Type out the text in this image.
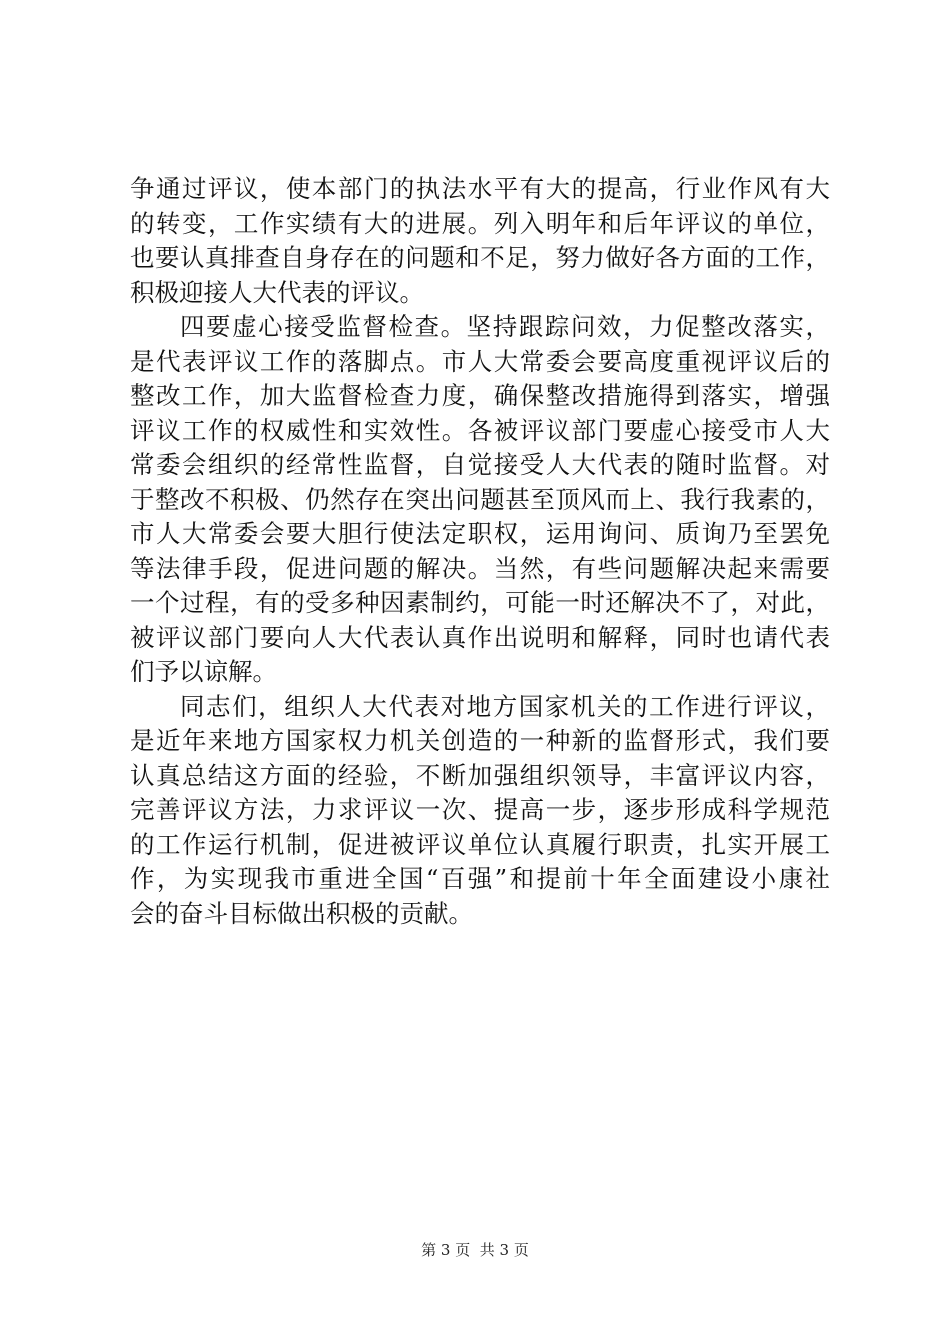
争通过评议，使本部门的执法水平有大的提高，行业作风有大
的转变，工作实绩有大的进展。列入明年和后年评议的单位，
也要认真排查自身存在的问题和不足，努力做好各方面的工作，
积极迎接人大代表的评议。
四要虚心接受监督检查。坚持跟踪问效，力促整改落实，
是代表评议工作的落脚点。市人大常委会要高度重视评议后的
整改工作，加大监督检查力度，确保整改措施得到落实，增强
评议工作的权威性和实效性。各被评议部门要虚心接受市人大
常委会组织的经常性监督，自觉接受人大代表的随时监督。对
于整改不积极、仍然存在突出问题甚至顶风而上、我行我素的，
市人大常委会要大胆行使法定职权，运用询问、质询乃至罢免
等法律手段，促进问题的解决。当然，有些问题解决起来需要
一个过程，有的受多种因素制约，可能一时还解决不了，对此，
被评议部门要向人大代表认真作出说明和解释，同时也请代表
们予以谅解。
同志们，组织人大代表对地方国家机关的工作进行评议，
是近年来地方国家权力机关创造的一种新的监督形式，我们要
认真总结这方面的经验，不断加强组织领导，丰富评议内容，
完善评议方法，力求评议一次、提高一步，逐步形成科学规范
的工作运行机制，促进被评议单位认真履行职责，扎实开展工
作，为实现我市重进全国“百强”和提前十年全面建设小康社
会的奋斗目标做出积极的贡献。
第 3 页  共 3 页
